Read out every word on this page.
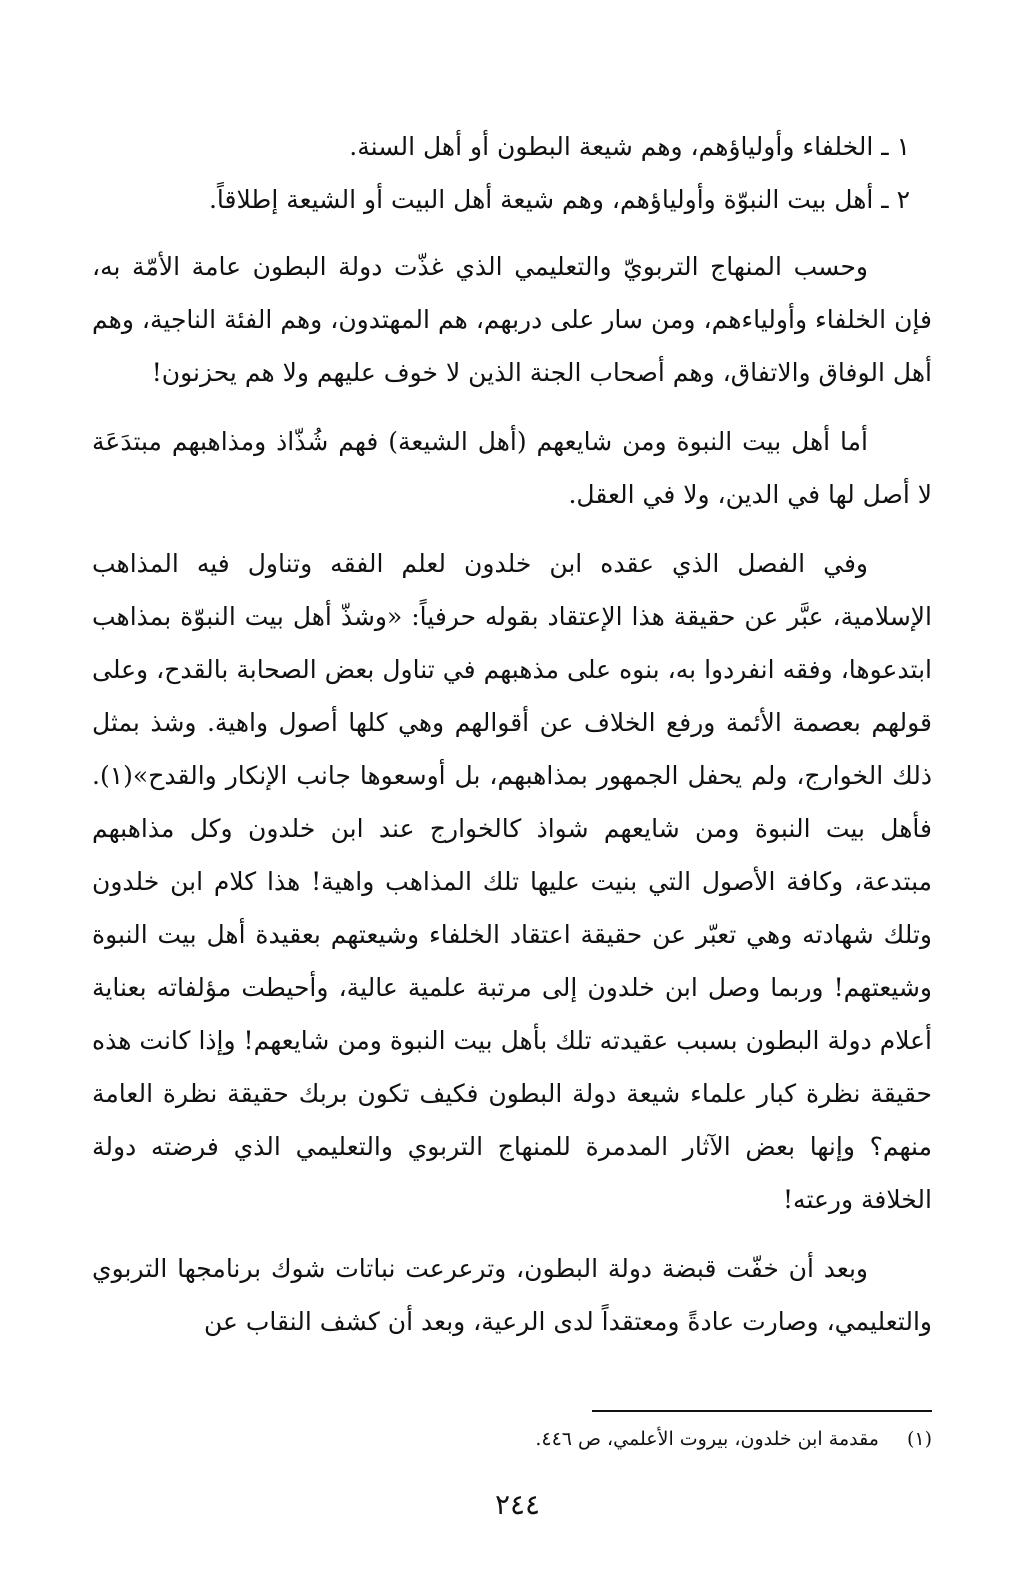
١ ـ الخلفاء وأولياؤهم، وهم شيعة البطون أو أهل السنة.
٢ ـ أهل بيت النبوّة وأولياؤهم، وهم شيعة أهل البيت أو الشيعة إطلاقاً.

وحسب المنهاج التربويّ والتعليمي الذي غذّت دولة البطون عامة الأمّة به، فإن الخلفاء وأولياءهم، ومن سار على دربهم، هم المهتدون، وهم الفئة الناجية، وهم أهل الوفاق والاتفاق، وهم أصحاب الجنة الذين لا خوف عليهم ولا هم يحزنون!

أما أهل بيت النبوة ومن شايعهم (أهل الشيعة) فهم شُذّاذ ومذاهبهم مبتدَعَة لا أصل لها في الدين، ولا في العقل.

وفي الفصل الذي عقده ابن خلدون لعلم الفقه وتناول فيه المذاهب الإسلامية، عبَّر عن حقيقة هذا الإعتقاد بقوله حرفياً: «وشذّ أهل بيت النبوّة بمذاهب ابتدعوها، وفقه انفردوا به، بنوه على مذهبهم في تناول بعض الصحابة بالقدح، وعلى قولهم بعصمة الأئمة ورفع الخلاف عن أقوالهم وهي كلها أصول واهية. وشذ بمثل ذلك الخوارج، ولم يحفل الجمهور بمذاهبهم، بل أوسعوها جانب الإنكار والقدح»(١). فأهل بيت النبوة ومن شايعهم شواذ كالخوارج عند ابن خلدون وكل مذاهبهم مبتدعة، وكافة الأصول التي بنيت عليها تلك المذاهب واهية! هذا كلام ابن خلدون وتلك شهادته وهي تعبّر عن حقيقة اعتقاد الخلفاء وشيعتهم بعقيدة أهل بيت النبوة وشيعتهم! وربما وصل ابن خلدون إلى مرتبة علمية عالية، وأحيطت مؤلفاته بعناية أعلام دولة البطون بسبب عقيدته تلك بأهل بيت النبوة ومن شايعهم! وإذا كانت هذه حقيقة نظرة كبار علماء شيعة دولة البطون فكيف تكون بربك حقيقة نظرة العامة منهم؟ وإنها بعض الآثار المدمرة للمنهاج التربوي والتعليمي الذي فرضته دولة الخلافة ورعته!

وبعد أن خفّت قبضة دولة البطون، وترعرعت نباتات شوك برنامجها التربوي والتعليمي، وصارت عادةً ومعتقداً لدى الرعية، وبعد أن كشف النقاب عن

(١) مقدمة ابن خلدون، بيروت الأعلمي، ص ٤٤٦.
٢٤٤
